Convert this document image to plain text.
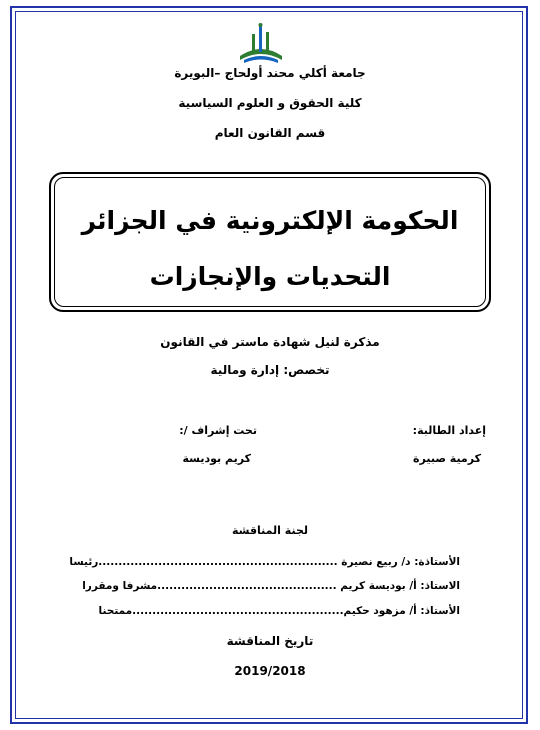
جامعة أكلي محند أولحاج –البويرة
كلية الحقوق و العلوم السياسية
قسم القانون العام
الحكومة الإلكترونية في الجزائر
التحديات والإنجازات
مذكرة لنيل شهادة ماستر في القانون
تخصص: إدارة ومالية
إعداد الطالبة:
كرمية صبيرة
تحت إشراف /:
كريم بوديسة
لجنة المناقشة
الأستاذة: د/ ربيع نصيرة ............................................................رئيسا
الاستاذ: أ/ بوديسة كريم .............................................مشرفا ومقررا
الأستاذ: أ/ مزهود حكيم.....................................................ممتحنا
تاريخ المناقشة
2019/2018
